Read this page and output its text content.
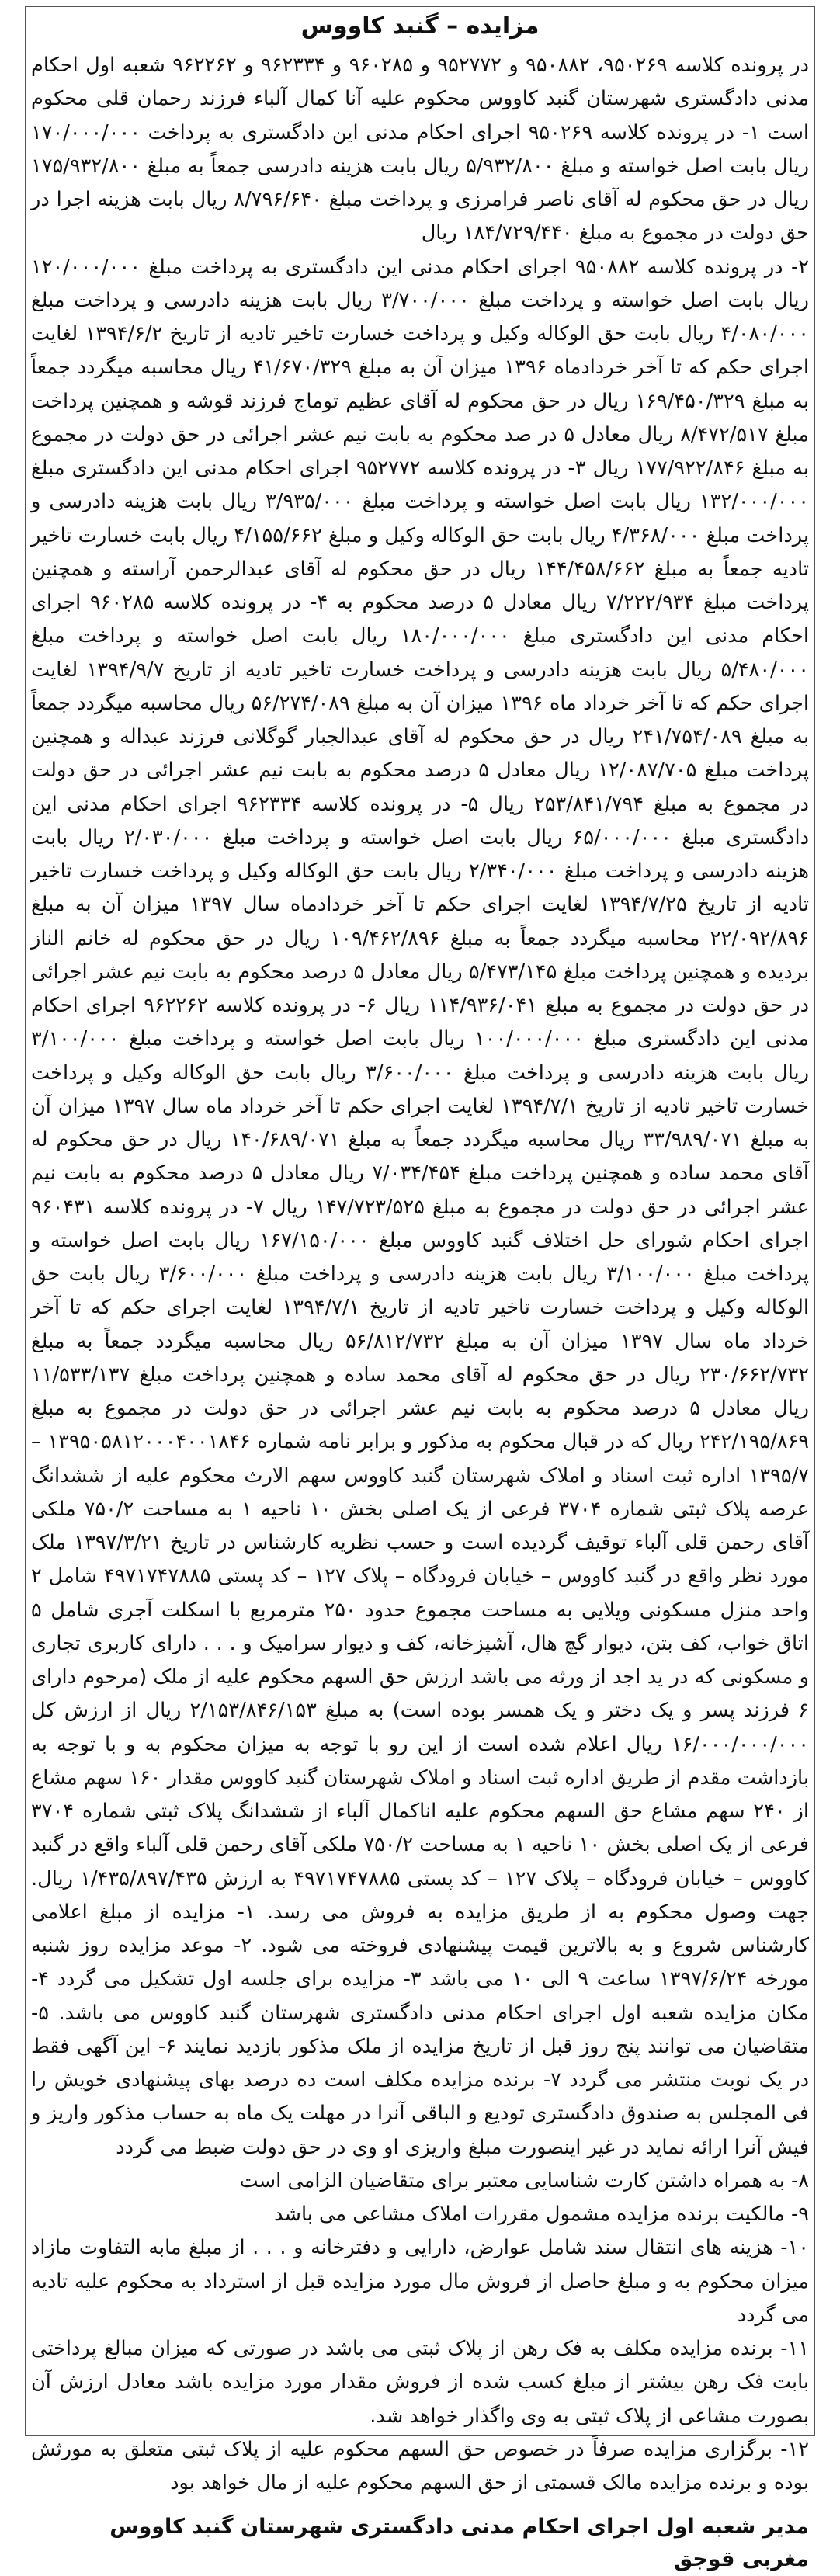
مزایده – گنبد کاووس

در پرونده کلاسه ۹۵۰۲۶۹، ۹۵۰۸۸۲ و ۹۵۲۷۷۲ و ۹۶۰۲۸۵ و ۹۶۲۳۳۴ و ۹۶۲۲۶۲ شعبه اول احکام مدنی دادگستری شهرستان گنبد کاووس محکوم علیه آنا کمال آلباء فرزند رحمان قلی محکوم است ۱- در پرونده کلاسه ۹۵۰۲۶۹ اجرای احکام مدنی این دادگستری به پرداخت ۱۷۰/۰۰۰/۰۰۰ ریال بابت اصل خواسته و مبلغ ۵/۹۳۲/۸۰۰ ریال بابت هزینه دادرسی جمعاً به مبلغ ۱۷۵/۹۳۲/۸۰۰ ریال در حق محکوم له آقای ناصر فرامرزی و پرداخت مبلغ ۸/۷۹۶/۶۴۰ ریال بابت هزینه اجرا در حق دولت در مجموع به مبلغ ۱۸۴/۷۲۹/۴۴۰ ریال

۲- در پرونده کلاسه ۹۵۰۸۸۲ اجرای احکام مدنی این دادگستری به پرداخت مبلغ ۱۲۰/۰۰۰/۰۰۰ ریال بابت اصل خواسته و پرداخت مبلغ ۳/۷۰۰/۰۰۰ ریال بابت هزینه دادرسی و پرداخت مبلغ ۴/۰۸۰/۰۰۰ ریال بابت حق الوکاله وکیل و پرداخت خسارت تاخیر تادیه از تاریخ ۱۳۹۴/۶/۲ لغایت اجرای حکم که تا آخر خردادماه ۱۳۹۶ میزان آن به مبلغ ۴۱/۶۷۰/۳۲۹ ریال محاسبه میگردد جمعاً به مبلغ ۱۶۹/۴۵۰/۳۲۹ ریال در حق محکوم له آقای عظیم توماج فرزند قوشه و همچنین پرداخت مبلغ ۸/۴۷۲/۵۱۷ ریال معادل ۵ در صد محکوم به بابت نیم عشر اجرائی در حق دولت در مجموع به مبلغ ۱۷۷/۹۲۲/۸۴۶ ریال ۳- در پرونده کلاسه ۹۵۲۷۷۲ اجرای احکام مدنی این دادگستری مبلغ ۱۳۲/۰۰۰/۰۰۰ ریال بابت اصل خواسته و پرداخت مبلغ ۳/۹۳۵/۰۰۰ ریال بابت هزینه دادرسی و پرداخت مبلغ ۴/۳۶۸/۰۰۰ ریال بابت حق الوکاله وکیل و مبلغ ۴/۱۵۵/۶۶۲ ریال بابت خسارت تاخیر تادیه جمعاً به مبلغ ۱۴۴/۴۵۸/۶۶۲ ریال در حق محکوم له آقای عبدالرحمن آراسته و همچنین پرداخت مبلغ ۷/۲۲۲/۹۳۴ ریال معادل ۵ درصد محکوم به ۴- در پرونده کلاسه ۹۶۰۲۸۵ اجرای احکام مدنی این دادگستری مبلغ ۱۸۰/۰۰۰/۰۰۰ ریال بابت اصل خواسته و پرداخت مبلغ ۵/۴۸۰/۰۰۰ ریال بابت هزینه دادرسی و پرداخت خسارت تاخیر تادیه از تاریخ ۱۳۹۴/۹/۷ لغایت اجرای حکم که تا آخر خرداد ماه ۱۳۹۶ میزان آن به مبلغ ۵۶/۲۷۴/۰۸۹ ریال محاسبه میگردد جمعاً به مبلغ ۲۴۱/۷۵۴/۰۸۹ ریال در حق محکوم له آقای عبدالجبار گوگلانی فرزند عبداله و همچنین پرداخت مبلغ ۱۲/۰۸۷/۷۰۵ ریال معادل ۵ درصد محکوم به بابت نیم عشر اجرائی در حق دولت در مجموع به مبلغ ۲۵۳/۸۴۱/۷۹۴ ریال ۵- در پرونده کلاسه ۹۶۲۳۳۴ اجرای احکام مدنی این دادگستری مبلغ ۶۵/۰۰۰/۰۰۰ ریال بابت اصل خواسته و پرداخت مبلغ ۲/۰۳۰/۰۰۰ ریال بابت هزینه دادرسی و پرداخت مبلغ ۲/۳۴۰/۰۰۰ ریال بابت حق الوکاله وکیل و پرداخت خسارت تاخیر تادیه از تاریخ ۱۳۹۴/۷/۲۵ لغایت اجرای حکم تا آخر خردادماه سال ۱۳۹۷ میزان آن به مبلغ ۲۲/۰۹۲/۸۹۶ محاسبه میگردد جمعاً به مبلغ ۱۰۹/۴۶۲/۸۹۶ ریال در حق محکوم له خانم الناز بردیده و همچنین پرداخت مبلغ ۵/۴۷۳/۱۴۵ ریال معادل ۵ درصد محکوم به بابت نیم عشر اجرائی در حق دولت در مجموع به مبلغ ۱۱۴/۹۳۶/۰۴۱ ریال ۶- در پرونده کلاسه ۹۶۲۲۶۲ اجرای احکام مدنی این دادگستری مبلغ ۱۰۰/۰۰۰/۰۰۰ ریال بابت اصل خواسته و پرداخت مبلغ ۳/۱۰۰/۰۰۰ ریال بابت هزینه دادرسی و پرداخت مبلغ ۳/۶۰۰/۰۰۰ ریال بابت حق الوکاله وکیل و پرداخت خسارت تاخیر تادیه از تاریخ ۱۳۹۴/۷/۱ لغایت اجرای حکم تا آخر خرداد ماه سال ۱۳۹۷ میزان آن به مبلغ ۳۳/۹۸۹/۰۷۱ ریال محاسبه میگردد جمعاً به مبلغ ۱۴۰/۶۸۹/۰۷۱ ریال در حق محکوم له آقای محمد ساده و همچنین پرداخت مبلغ ۷/۰۳۴/۴۵۴ ریال معادل ۵ درصد محکوم به بابت نیم عشر اجرائی در حق دولت در مجموع به مبلغ ۱۴۷/۷۲۳/۵۲۵ ریال ۷- در پرونده کلاسه ۹۶۰۴۳۱ اجرای احکام شورای حل اختلاف گنبد کاووس مبلغ ۱۶۷/۱۵۰/۰۰۰ ریال بابت اصل خواسته و پرداخت مبلغ ۳/۱۰۰/۰۰۰ ریال بابت هزینه دادرسی و پرداخت مبلغ ۳/۶۰۰/۰۰۰ ریال بابت حق الوکاله وکیل و پرداخت خسارت تاخیر تادیه از تاریخ ۱۳۹۴/۷/۱ لغایت اجرای حکم که تا آخر خرداد ماه سال ۱۳۹۷ میزان آن به مبلغ ۵۶/۸۱۲/۷۳۲ ریال محاسبه میگردد جمعاً به مبلغ ۲۳۰/۶۶۲/۷۳۲ ریال در حق محکوم له آقای محمد ساده و همچنین پرداخت مبلغ ۱۱/۵۳۳/۱۳۷ ریال معادل ۵ درصد محکوم به بابت نیم عشر اجرائی در حق دولت در مجموع به مبلغ ۲۴۲/۱۹۵/۸۶۹ ریال که در قبال محکوم به مذکور و برابر نامه شماره ۱۳۹۵۰۵۸۱۲۰۰۰۴۰۰۱۸۴۶ – ۱۳۹۵/۷ اداره ثبت اسناد و املاک شهرستان گنبد کاووس سهم الارث محکوم علیه از ششدانگ عرصه پلاک ثبتی شماره ۳۷۰۴ فرعی از یک اصلی بخش ۱۰ ناحیه ۱ به مساحت ۷۵۰/۲ ملکی آقای رحمن قلی آلباء توقیف گردیده است و حسب نظریه کارشناس در تاریخ ۱۳۹۷/۳/۲۱ ملک مورد نظر واقع در گنبد کاووس – خیابان فرودگاه – پلاک ۱۲۷ – کد پستی ۴۹۷۱۷۴۷۸۸۵ شامل ۲ واحد منزل مسکونی ویلایی به مساحت مجموع حدود ۲۵۰ مترمربع با اسکلت آجری شامل ۵ اتاق خواب، کف بتن، دیوار گچ هال، آشپزخانه، کف و دیوار سرامیک و . . . دارای کاربری تجاری و مسکونی که در ید اجد از ورثه می باشد ارزش حق السهم محکوم علیه از ملک (مرحوم دارای ۶ فرزند پسر و یک دختر و یک همسر بوده است) به مبلغ ۲/۱۵۳/۸۴۶/۱۵۳ ریال از ارزش کل ۱۶/۰۰۰/۰۰۰/۰۰۰ ریال اعلام شده است از این رو با توجه به میزان محکوم به و با توجه به بازداشت مقدم از طریق اداره ثبت اسناد و املاک شهرستان گنبد کاووس مقدار ۱۶۰ سهم مشاع از ۲۴۰ سهم مشاع حق السهم محکوم علیه اناکمال آلباء از ششدانگ پلاک ثبتی شماره ۳۷۰۴ فرعی از یک اصلی بخش ۱۰ ناحیه ۱ به مساحت ۷۵۰/۲ ملکی آقای رحمن قلی آلباء واقع در گنبد کاووس – خیابان فرودگاه – پلاک ۱۲۷ – کد پستی ۴۹۷۱۷۴۷۸۸۵ به ارزش ۱/۴۳۵/۸۹۷/۴۳۵ ریال. جهت وصول محکوم به از طریق مزایده به فروش می رسد. ۱- مزایده از مبلغ اعلامی کارشناس شروع و به بالاترین قیمت پیشنهادی فروخته می شود. ۲- موعد مزایده روز شنبه مورخه ۱۳۹۷/۶/۲۴ ساعت ۹ الی ۱۰ می باشد ۳- مزایده برای جلسه اول تشکیل می گردد ۴- مکان مزایده شعبه اول اجرای احکام مدنی دادگستری شهرستان گنبد کاووس می باشد. ۵- متقاضیان می توانند پنج روز قبل از تاریخ مزایده از ملک مذکور بازدید نمایند ۶- این آگهی فقط در یک نوبت منتشر می گردد ۷- برنده مزایده مکلف است ده درصد بهای پیشنهادی خویش را فی المجلس به صندوق دادگستری تودیع و الباقی آنرا در مهلت یک ماه به حساب مذکور واریز و فیش آنرا ارائه نماید در غیر اینصورت مبلغ واریزی او وی در حق دولت ضبط می گردد

۸- به همراه داشتن کارت شناسایی معتبر برای متقاضیان الزامی است

۹- مالکیت برنده مزایده مشمول مقررات املاک مشاعی می باشد

۱۰- هزینه های انتقال سند شامل عوارض، دارایی و دفترخانه و . . . از مبلغ مابه التفاوت مازاد میزان محکوم به و مبلغ حاصل از فروش مال مورد مزایده قبل از استرداد به محکوم علیه تادیه می گردد

۱۱- برنده مزایده مکلف به فک رهن از پلاک ثبتی می باشد در صورتی که میزان مبالغ پرداختی بابت فک رهن بیشتر از مبلغ کسب شده از فروش مقدار مورد مزایده باشد معادل ارزش آن بصورت مشاعی از پلاک ثبتی به وی واگذار خواهد شد.

۱۲- برگزاری مزایده صرفاً در خصوص حق السهم محکوم علیه از پلاک ثبتی متعلق به مورثش بوده و برنده مزایده مالک قسمتی از حق السهم محکوم علیه از مال خواهد بود

مدیر شعبه اول اجرای احکام مدنی دادگستری شهرستان گنبد کاووس
مغربی قوجق
